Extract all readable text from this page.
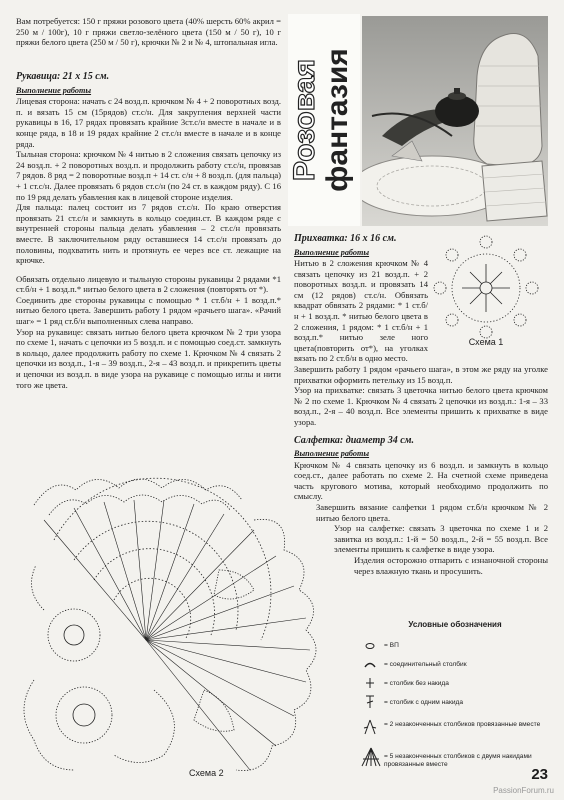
Вам потребуется: 150 г пряжи розового цвета (40% шерсть 60% акрил = 250 м / 100г), 10 г пряжи светло-зелёного цвета (150 м / 50 г), 10 г пряжи белого цвета (250 м / 50 г), крючки № 2 и № 4, штопальная игла.

Рукавица: 21 х 15 см.

Выполнение работы

Лицевая сторона: начать с 24 возд.п. крючком № 4 + 2 поворотных возд. п. и вязать 15 см (15рядов) ст.с/н. Для закругления верхней части рукавицы в 16, 17 рядах провязать крайние 3ст.с/н вместе в начале и в конце ряда, в 18 и 19 рядах крайние 2 ст.с/н вместе в начале и в конце ряда.

Тыльная сторона: крючком № 4 нитью в 2 сложения связать цепочку из 24 возд.п. + 2 поворотных возд.п. и продолжить работу ст.с/н, провязав 7 рядов. 8 ряд = 2 поворотные возд.п + 14 ст. с/н + 8 возд.п. (для пальца) + 1 ст.с/н. Далее провязать 6 рядов ст.с/н (по 24 ст. в каждом ряду). С 16 по 19 ряд делать убавления как в лицевой стороне изделия.

Для пальца: палец состоит из 7 рядов ст.с/н. По краю отверстия провязать 21 ст.с/н и замкнуть в кольцо соедин.ст. В каждом ряде с внутренней стороны пальца делать убавления – 2 ст.с/н провязать вместе. В заключительном ряду оставшиеся 14 ст.с/н провязать до половины, подхватить нить и протянуть ее через все ст. лежащие на крючке.

Обвязать отдельно лицевую и тыльную стороны рукавицы 2 рядами *1 ст.б/н + 1 возд.п.* нитью белого цвета в 2 сложения (повторять от *).

Соединить две стороны рукавицы с помощью * 1 ст.б/н + 1 возд.п.* нитью белого цвета. Завершить работу 1 рядом «рачьего шага». «Рачий шаг» = 1 ряд ст.б/н выполненных слева направо.

Узор на рукавице: связать нитью белого цвета крючком № 2 три узора по схеме 1, начать с цепочки из 5 возд.п. и с помощью соед.ст. замкнуть в кольцо, далее продолжить работу по схеме 1. Крючком № 4 связать 2 цепочки из возд.п., 1-я – 39 возд.п., 2-я – 43 возд.п. и прикрепить цветы и цепочки из возд.п. в виде узора на рукавице с помощью иглы и нити того же цвета.

Розовая фантазия
Схема 1

Прихватка: 16 х 16 см.

Выполнение работы

Нитью в 2 сложения крючком № 4 связать цепочку из 21 возд.п. + 2 поворотных возд.п. и провязать 14 см (12 рядов) ст.с/н. Обвязать квадрат обвязать 2 рядами: * 1 ст.б/н + 1 возд.п. * нитью белого цвета в 2 сложения, 1 рядом: * 1 ст.б/н + 1 возд.п.* нитью зеле ного цвета(повторить от*), на уголках вязать по 2 ст.б/н в одно место.

Завершить работу 1 рядом «рачьего шага», в этом же ряду на уголке прихватки оформить петельку из 15 возд.п.

Узор на прихватке: связать 3 цветочка нитью белого цвета крючком № 2 по схеме 1. Крючком № 4 связать 2 цепочки из возд.п.: 1-я – 33 возд.п., 2-я – 40 возд.п. Все элементы пришить к прихватке в виде узора.

Салфетка: диаметр 34 см.

Выполнение работы

Крючком № 4 связать цепочку из 6 возд.п. и замкнуть в кольцо соед.ст., далее работать по схеме 2. На счетной схеме приведена часть кругового мотива, который необходимо продолжить по смыслу.

Завершить вязание салфетки 1 рядом ст.б/н крючком № 2 нитью белого цвета.

Узор на салфетке: связать 3 цветочка по схеме 1 и 2 завитка из возд.п.: 1-й = 50 возд.п., 2-й = 55 возд.п. Все элементы пришить к салфетке в виде узора.

Изделия осторожно отпарить с изнаночной стороны через влажную ткань и просушить.

Схема 2
Условные обозначения
= ВП
= соединительный столбик
= столбик без накида
= столбик с одним накида
= 2 незаконченных столбиков провязанные вместе
= 5 незаконченных столбиков с двумя накидами провязанные вместе
23
PassionForum.ru
